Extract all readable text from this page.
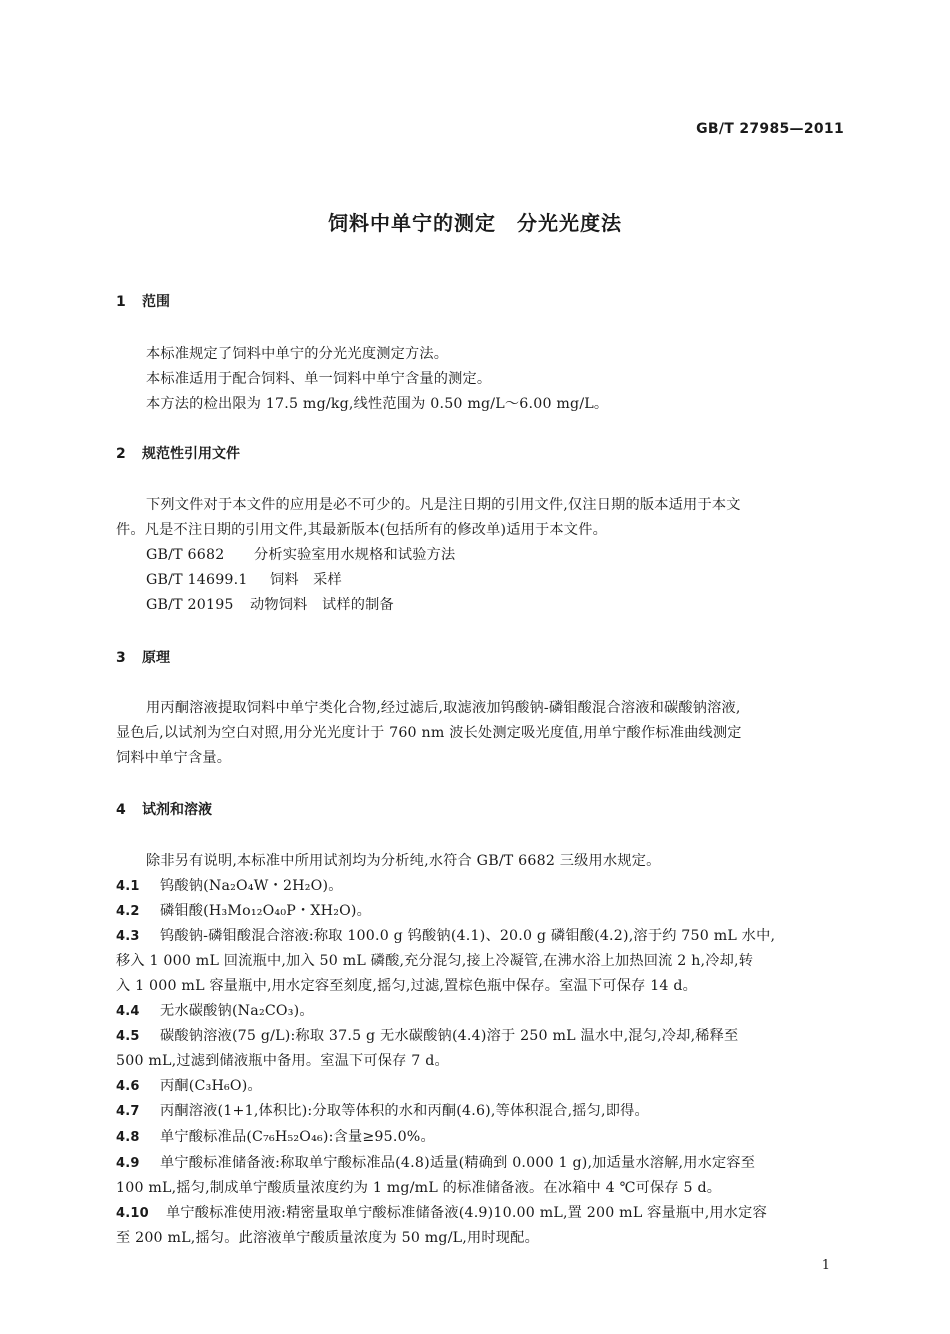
GB/T 27985—2011
饲料中单宁的测定　分光光度法
1 范围
本标准规定了饲料中单宁的分光光度测定方法。
本标准适用于配合饲料、单一饲料中单宁含量的测定。
本方法的检出限为 17.5 mg/kg,线性范围为 0.50 mg/L～6.00 mg/L。
2 规范性引用文件
下列文件对于本文件的应用是必不可少的。凡是注日期的引用文件,仅注日期的版本适用于本文
件。凡是不注日期的引用文件,其最新版本(包括所有的修改单)适用于本文件。
GB/T 6682 分析实验室用水规格和试验方法
GB/T 14699.1 饲料　采样
GB/T 20195 动物饲料　试样的制备
3 原理
用丙酮溶液提取饲料中单宁类化合物,经过滤后,取滤液加钨酸钠-磷钼酸混合溶液和碳酸钠溶液,
显色后,以试剂为空白对照,用分光光度计于 760 nm 波长处测定吸光度值,用单宁酸作标准曲线测定
饲料中单宁含量。
4 试剂和溶液
除非另有说明,本标准中所用试剂均为分析纯,水符合 GB/T 6682 三级用水规定。
4.1 钨酸钠(Na₂O₄W・2H₂O)。
4.2 磷钼酸(H₃Mo₁₂O₄₀P・XH₂O)。
4.3 钨酸钠-磷钼酸混合溶液:称取 100.0 g 钨酸钠(4.1)、20.0 g 磷钼酸(4.2),溶于约 750 mL 水中,
移入 1 000 mL 回流瓶中,加入 50 mL 磷酸,充分混匀,接上冷凝管,在沸水浴上加热回流 2 h,冷却,转
入 1 000 mL 容量瓶中,用水定容至刻度,摇匀,过滤,置棕色瓶中保存。室温下可保存 14 d。
4.4 无水碳酸钠(Na₂CO₃)。
4.5 碳酸钠溶液(75 g/L):称取 37.5 g 无水碳酸钠(4.4)溶于 250 mL 温水中,混匀,冷却,稀释至
500 mL,过滤到储液瓶中备用。室温下可保存 7 d。
4.6 丙酮(C₃H₆O)。
4.7 丙酮溶液(1+1,体积比):分取等体积的水和丙酮(4.6),等体积混合,摇匀,即得。
4.8 单宁酸标准品(C₇₆H₅₂O₄₆):含量≥95.0%。
4.9 单宁酸标准储备液:称取单宁酸标准品(4.8)适量(精确到 0.000 1 g),加适量水溶解,用水定容至
100 mL,摇匀,制成单宁酸质量浓度约为 1 mg/mL 的标准储备液。在冰箱中 4 ℃可保存 5 d。
4.10 单宁酸标准使用液:精密量取单宁酸标准储备液(4.9)10.00 mL,置 200 mL 容量瓶中,用水定容
至 200 mL,摇匀。此溶液单宁酸质量浓度为 50 mg/L,用时现配。
1
